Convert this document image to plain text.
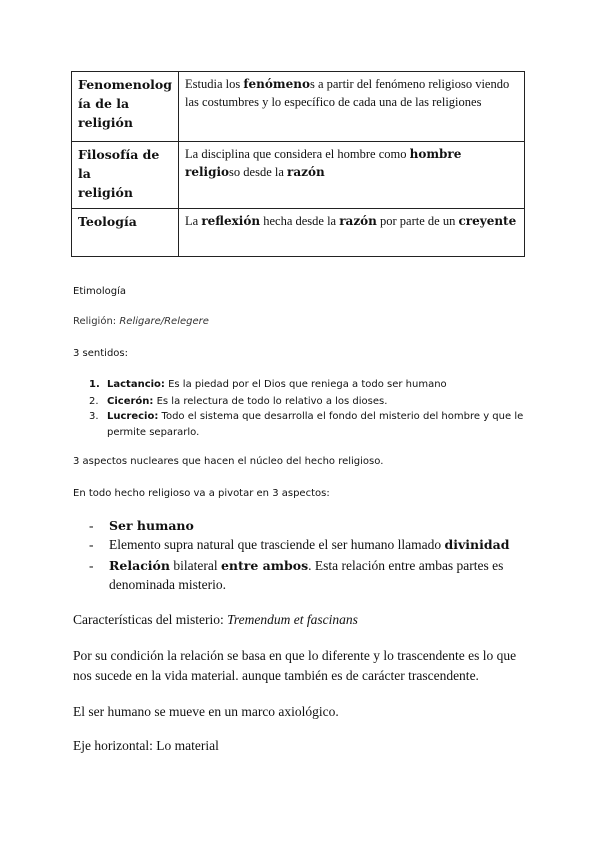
Fenomenolog
ía de la
religión	Estudia los fenómenos a partir del fenómeno religioso viendo las costumbres y lo específico de cada una de las religiones
Filosofía de la
religión	La disciplina que considera el hombre como hombre religioso desde la razón
Teología	La reflexión hecha desde la razón por parte de un creyente
Etimología
Religión: Religare/Relegere
3 sentidos:
1. Lactancio: Es la piedad por el Dios que reniega a todo ser humano
2. Cicerón: Es la relectura de todo lo relativo a los dioses.
3. Lucrecio: Todo el sistema que desarrolla el fondo del misterio del hombre y que le
permite separarlo.
3 aspectos nucleares que hacen el núcleo del hecho religioso.
En todo hecho religioso va a pivotar en 3 aspectos:
- Ser humano
- Elemento supra natural que trasciende el ser humano llamado divinidad
- Relación bilateral entre ambos. Esta relación entre ambas partes es
denominada misterio.
Características del misterio: Tremendum et fascinans
Por su condición la relación se basa en que lo diferente y lo trascendente es lo que
nos sucede en la vida material. aunque también es de carácter trascendente.
El ser humano se mueve en un marco axiológico.
Eje horizontal: Lo material
